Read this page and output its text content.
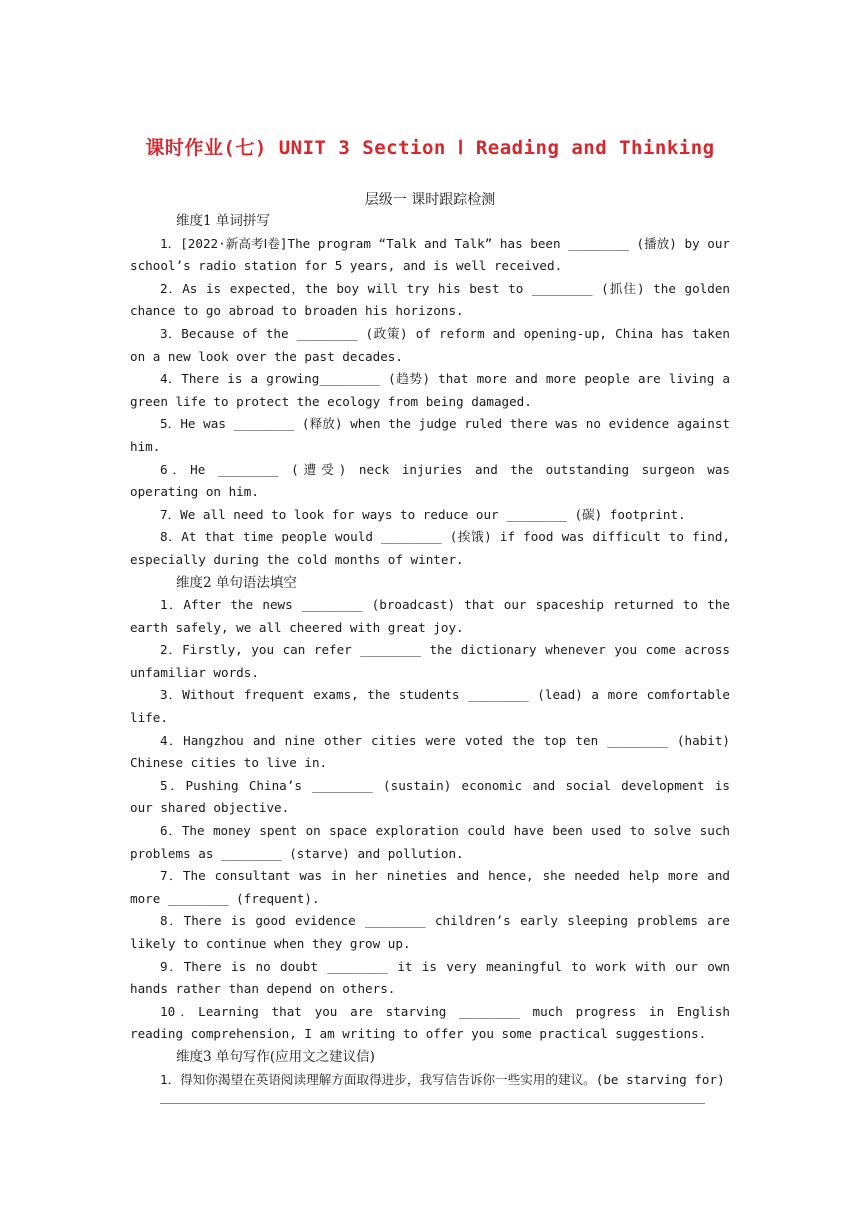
课时作业(七) UNIT 3 Section Ⅰ Reading and Thinking
层级一 课时跟踪检测

维度1 单词拼写

1．[2022·新高考Ⅰ卷]The program “Talk and Talk” has been ________ (播放) by our school’s radio station for 5 years, and is well received.

2．As is expected，the boy will try his best to ________ (抓住) the golden chance to go abroad to broaden his horizons.

3．Because of the ________ (政策) of reform and opening-up, China has taken on a new look over the past decades.

4．There is a growing________ (趋势) that more and more people are living a green life to protect the ecology from being damaged.

5．He was ________ (释放) when the judge ruled there was no evidence against him.

6．He ________ (遭受) neck injuries and the outstanding surgeon was operating on him.

7．We all need to look for ways to reduce our ________ (碳) footprint.

8．At that time people would ________ (挨饿) if food was difficult to find, especially during the cold months of winter.

维度2 单句语法填空

1．After the news ________ (broadcast) that our spaceship returned to the earth safely, we all cheered with great joy.

2．Firstly, you can refer ________ the dictionary whenever you come across unfamiliar words.

3．Without frequent exams, the students ________ (lead) a more comfortable life.

4．Hangzhou and nine other cities were voted the top ten ________ (habit) Chinese cities to live in.

5．Pushing China’s ________ (sustain) economic and social development is our shared objective.

6．The money spent on space exploration could have been used to solve such problems as ________ (starve) and pollution.

7．The consultant was in her nineties and hence, she needed help more and more ________ (frequent).

8．There is good evidence ________ children’s early sleeping problems are likely to continue when they grow up.

9．There is no doubt ________ it is very meaningful to work with our own hands rather than depend on others.

10．Learning that you are starving ________ much progress in English reading comprehension, I am writing to offer you some practical suggestions.

维度3 单句写作(应用文之建议信)

1．得知你渴望在英语阅读理解方面取得进步，我写信告诉你一些实用的建议。(be starving for)
